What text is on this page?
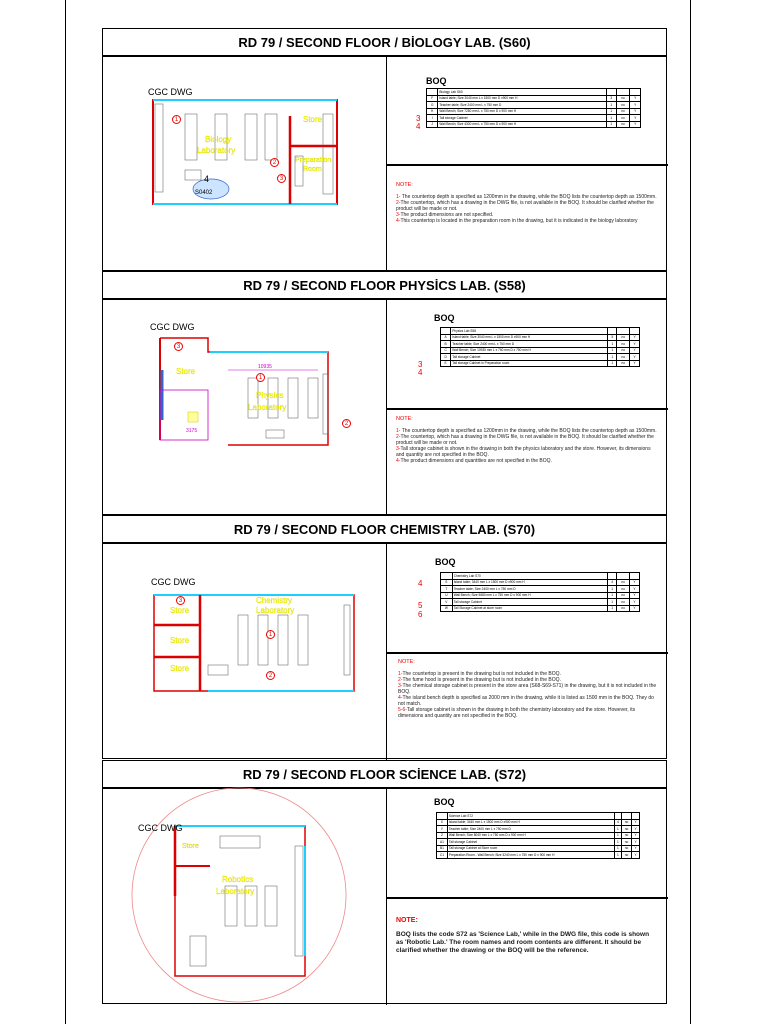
RD 79 / SECOND FLOOR / BİOLOGY LAB. (S60)
CGC DWG
4
S0402
Biology
Laboratory
Store
Preparation
Room
1
2
3
BOQ
3
4
	Biology Lab S60			
F	Island table; Size 3040 mm L x 1500 mm D x900 mm H	3	no	Y
G	Teacher table; Size 2400 mm L x 750 mm D	1	no	Y
H	Wall Bench; Size 7280 mm L x 750 mm D x 900 mm H	1	no	Y
I	Tall storage Cabinet	1	no	Y
J	Wall Bench; Size 4300 mm L x 750 mm D x 900 mm H	1	no	Y
NOTE:
1- The countertop depth is specified as 1200mm in the drawing, while the BOQ lists the countertop depth as 1500mm.
2-The countertop, which has a drawing in the DWG file, is not available in the BOQ. It should be clarified whether the product will be made or not.
3-The product dimensions are not specified.
4-This countertop is located in the preparation room in the drawing, but it is indicated in the biology laboratory
RD 79 / SECOND FLOOR PHYSİCS LAB. (S58)
CGC DWG
10935
3175
Store
Physics
Laboratory
1
2
3
BOQ
3
4
	Physics Lab S58			
A	Island table; Size 3040 mm L x 1500 mm D x900 mm H	5	no	Y
B	Teacher table; Size 2400 mm L x 750 mm D	1	no	Y
C	Wall Bench; Size 10935 mm L x 750 mm D x 750 mm H	1	no	Y
D	Tall storage Cabinet	1	no	Y
E	Tall storage Cabinet in Preparation room	1	no	Y
NOTE:
1- The countertop depth is specified as 1200mm in the drawing, while the BOQ lists the countertop depth as 1500mm.
2-The countertop, which has a drawing in the DWG file, is not available in the BOQ. It should be clarified whether the product will be made or not.
3-Tall storage cabinet is shown in the drawing in both the physics laboratory and the store. However, its dimensions and quantity are not specified in the BOQ.
4-The product dimensions and quantities are not specified in the BOQ.
RD 79 / SECOND FLOOR CHEMISTRY LAB. (S70)
CGC DWG
Store
Store
Store
Chemistry
Laboratory
1
2
3
BOQ
4
5
6
	Chemistry Lab S70			
S	Island table; 3440 mm L x 1500 mm D x900 mm H	4	no	Y
T	Teacher table; Size 2400 mm L x 750 mm D	1	no	Y
U	Wall Bench; Size 5680 mm L x 750 mm D x 900 mm H	1	no	Y
V	Tall storage Cabinet	1	no	Y
W	Tall Storage Cabinet at store room	1	no	Y
NOTE:
1-The countertop is present in the drawing but is not included in the BOQ.
2-The fume hood is present in the drawing but is not included in the BOQ.
3-The chemical storage cabinet is present in the store area (S68-S69-S71) in the drawing, but it is not included in the BOQ.
4-The island bench depth is specified as 2000 mm in the drawing, while it is listed as 1500 mm in the BOQ. They do not match.
5-6-Tall storage cabinet is shown in the drawing in both the chemistry laboratory and the store. However, its dimensions and quantity are not specified in the BOQ.
RD 79 / SECOND FLOOR SCİENCE LAB. (S72)
Store
Robotics
Laboratory
CGC DWG
BOQ
	Science Lab S72			
X	Island table; 3440 mm L x 1500 mm D x900 mm H	4	no	Y
Y	Teacher table; Size 2400 mm L x 750 mm D	1	no	Y
Z	Wall Bench; Size 8040 mm L x 750 mm D x 900 mm H	1	no	Y
A1	Tall storage Cabinet	1	no	Y
B1	Tall storage Cabinet at Store room	1	no	Y
C1	Preparation Room - Wall Bench; Size 3240 mm L x 750 mm D x 900 mm H	1	no	Y
NOTE:
BOQ lists the code S72 as 'Science Lab,' while in the DWG file, this code is shown as 'Robotic Lab.' The room names and room contents are different. It should be clarified whether the drawing or the BOQ will be the reference.
